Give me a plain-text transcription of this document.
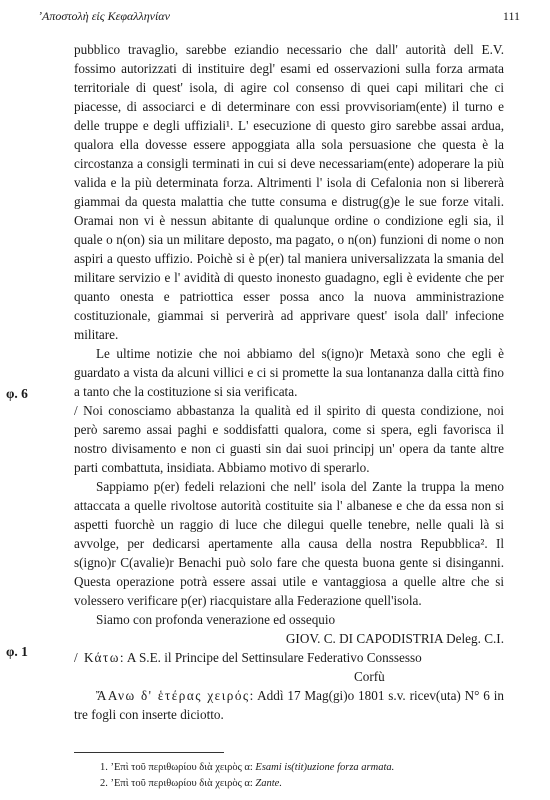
ʼΑποστολὴ εἰς Κεφαλληνίαν	111
φ. 6
φ. 1

pubblico travaglio, sarebbe eziandio necessario che dall' autorità dell E.V. fossimo autorizzati di instituire degl' esami ed osservazioni sulla forza armata territoriale di quest' isola, di agire col consenso di quei capi militari che ci piacesse, di associarci e di determinare con essi provvisoriam(ente) il turno e delle truppe e degli uffiziali¹. L' esecuzione di questo giro sarebbe assai ardua, qualora ella dovesse essere appoggiata alla sola persuasione che questa è la circostanza a consigli terminati in cui si deve necessariam(ente) adoperare la più valida e la più determinata forza. Altrimenti l' isola di Cefalonia non si libererà giammai da questa malattia che tutte consuma e distrug(g)e le sue forze vitali. Oramai non vi è nessun abitante di qualunque ordine o condizione egli sia, il quale o n(on) sia un militare deposto, ma pagato, o n(on) funzioni di nome o non aspiri a questo uffizio. Poichè si è p(er) tal maniera universalizzata la smania del militare servizio e l' avidità di questo inonesto guadagno, egli è evidente che per quanto onesta e patriottica esser possa anco la nuova amministrazione costituzionale, giammai si perverirà ad apprivare quest' isola dall' infecione militare.

Le ultime notizie che noi abbiamo del s(igno)r Metaxà sono che egli è guardato a vista da alcuni villici e ci si promette la sua lontananza dalla città fino a tanto che la costituzione si sia verificata.

/ Noi conosciamo abbastanza la qualità ed il spirito di questa condizione, noi però saremo assai paghi e soddisfatti qualora, come si spera, egli favorisca il nostro divisamento e non ci guasti sin dai suoi principj un' opera da tante altre parti combattuta, insidiata. Abbiamo motivo di sperarlo.

Sappiamo p(er) fedeli relazioni che nell' isola del Zante la truppa la meno attaccata a quelle rivoltose autorità costituite sia l' albanese e che da essa non si aspetti fuorchè un raggio di luce che dilegui quelle tenebre, nelle quali là si avvolge, per dedicarsi apertamente alla causa della nostra Repubblica². Il s(igno)r C(avalie)r Benachi può solo fare che questa buona gente si disinganni. Questa operazione potrà essere assai utile e vantaggiosa a quelle altre che si volessero verificare p(er) riacquistare alla Federazione quell'isola.

Siamo con profonda venerazione ed ossequio

GIOV. C. DI CAPODISTRIA Deleg. C.I.

/ Κάτω: A S.E. il Principe del Settinsulare Federativo Conssesso

Corfù

ἌΑνω δ' ἑτέρας χειρός: Addì 17 Mag(gi)o 1801 s.v. ricev(uta) N° 6 in tre fogli con inserte diciotto.

1. ʼΕπὶ τοῦ περιθωρίου διὰ χειρὸς α: Esami is(tit)uzione forza armata.
2. ʼΕπὶ τοῦ περιθωρίου διὰ χειρὸς α: Zante.
